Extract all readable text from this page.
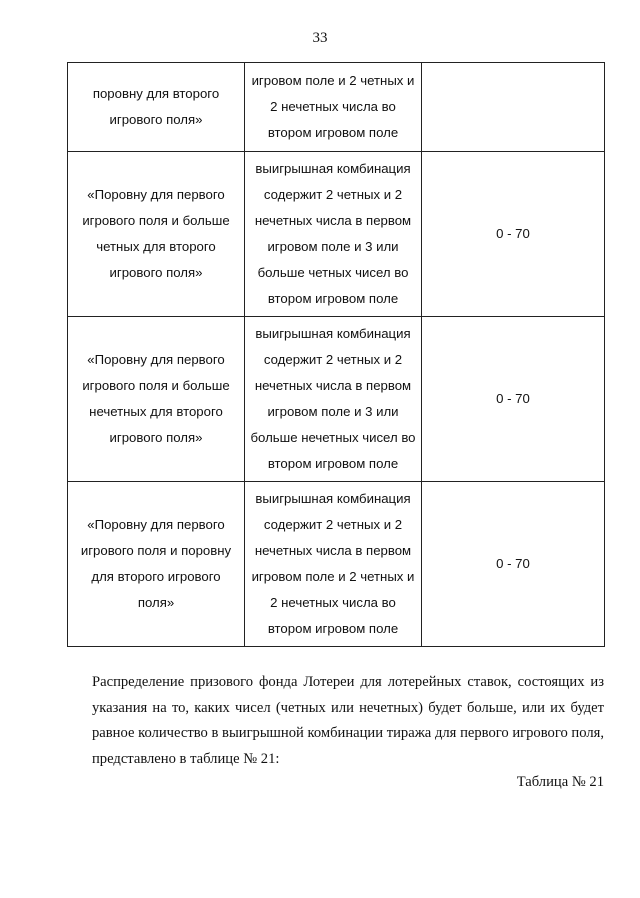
33
поровну для второго игрового поля»	игровом поле и 2 четных и 2 нечетных числа во втором игровом поле	
«Поровну для первого игрового поля и больше четных для второго игрового поля»	выигрышная комбинация содержит 2 четных и 2 нечетных числа в первом игровом поле и 3 или больше четных чисел во втором игровом поле	0 - 70
«Поровну для первого игрового поля и больше нечетных для второго игрового поля»	выигрышная комбинация содержит 2 четных и 2 нечетных числа в первом игровом поле и 3 или больше нечетных чисел во втором игровом поле	0 - 70
«Поровну для первого игрового поля и поровну для второго игрового поля»	выигрышная комбинация содержит 2 четных и 2 нечетных числа в первом игровом поле и 2 четных и 2 нечетных числа во втором игровом поле	0 - 70
Распределение призового фонда Лотереи для лотерейных ставок, состоящих из указания на то, каких чисел (четных или нечетных) будет больше, или их будет равное количество в выигрышной комбинации тиража для первого игрового поля, представлено в таблице № 21:
Таблица № 21
